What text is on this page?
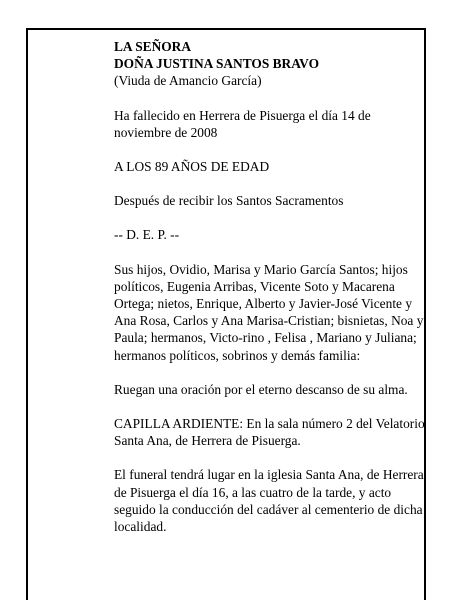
LA SEÑORA

DOÑA JUSTINA SANTOS BRAVO

(Viuda de Amancio García)

Ha fallecido en Herrera de Pisuerga el día 14 de noviembre de 2008

A LOS 89 AÑOS DE EDAD

Después de recibir los Santos Sacramentos

-- D. E. P. --

Sus hijos, Ovidio, Marisa y Mario García Santos; hijos políticos, Eugenia Arribas, Vicente Soto y Macarena Ortega; nietos, Enrique, Alberto y Javier-José Vicente y Ana Rosa, Carlos y Ana Marisa-Cristian; bisnietas, Noa y Paula; hermanos, Victo-rino , Felisa , Mariano y Juliana; hermanos políticos, sobrinos y demás familia:

Ruegan una oración por el eterno descanso de su alma.

CAPILLA ARDIENTE: En la sala número 2 del Velatorio Santa Ana, de Herrera de Pisuerga.

El funeral tendrá lugar en la iglesia Santa Ana, de Herrera de Pisuerga el día 16, a las cuatro de la tarde, y acto seguido la conducción del cadáver al cementerio de dicha localidad.
